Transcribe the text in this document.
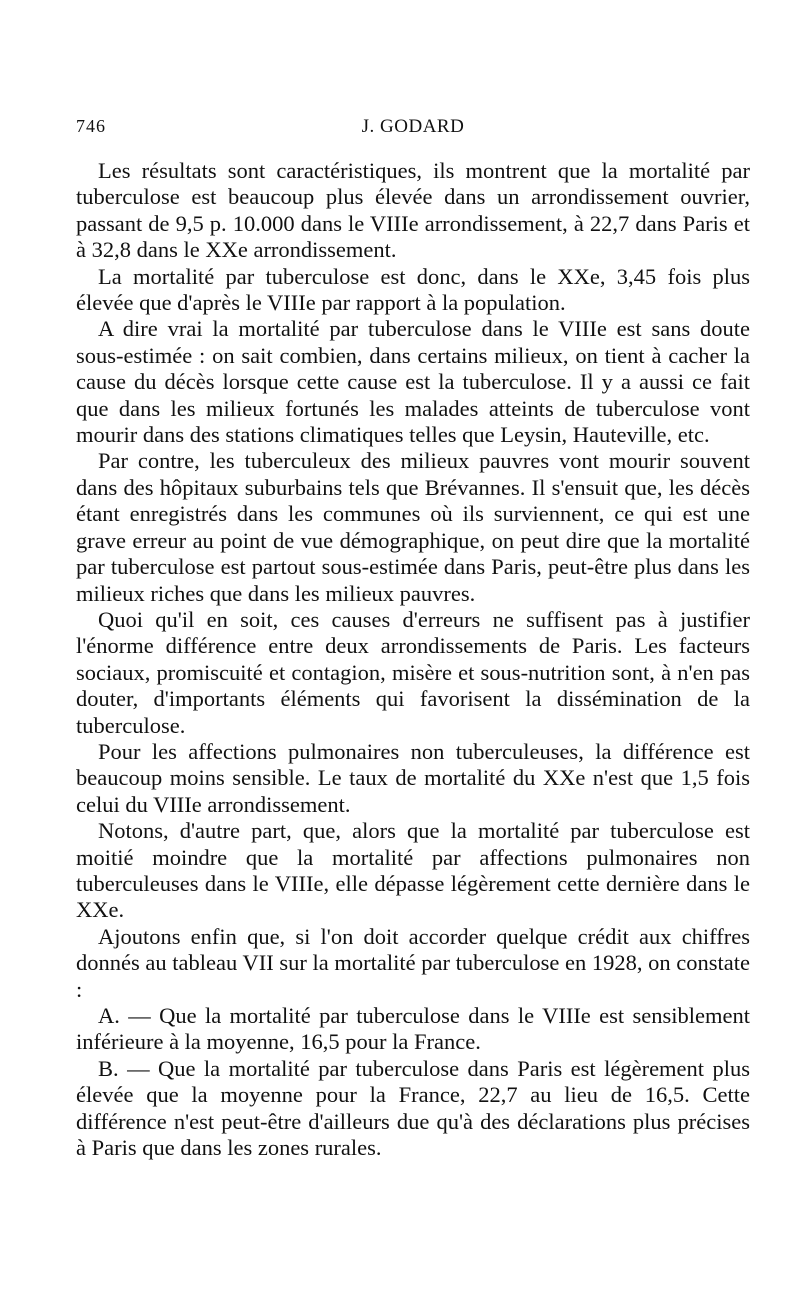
746	J. GODARD

Les résultats sont caractéristiques, ils montrent que la mortalité par tuberculose est beaucoup plus élevée dans un arrondissement ouvrier, passant de 9,5 p. 10.000 dans le VIIIe arrondissement, à 22,7 dans Paris et à 32,8 dans le XXe arrondissement.

La mortalité par tuberculose est donc, dans le XXe, 3,45 fois plus élevée que d'après le VIIIe par rapport à la population.

A dire vrai la mortalité par tuberculose dans le VIIIe est sans doute sous-estimée : on sait combien, dans certains milieux, on tient à cacher la cause du décès lorsque cette cause est la tuberculose. Il y a aussi ce fait que dans les milieux fortunés les malades atteints de tuberculose vont mourir dans des stations climatiques telles que Leysin, Hauteville, etc.

Par contre, les tuberculeux des milieux pauvres vont mourir souvent dans des hôpitaux suburbains tels que Brévannes. Il s'ensuit que, les décès étant enregistrés dans les communes où ils surviennent, ce qui est une grave erreur au point de vue démographique, on peut dire que la mortalité par tuberculose est partout sous-estimée dans Paris, peut-être plus dans les milieux riches que dans les milieux pauvres.

Quoi qu'il en soit, ces causes d'erreurs ne suffisent pas à justifier l'énorme différence entre deux arrondissements de Paris. Les facteurs sociaux, promiscuité et contagion, misère et sous-nutrition sont, à n'en pas douter, d'importants éléments qui favorisent la dissémination de la tuberculose.

Pour les affections pulmonaires non tuberculeuses, la différence est beaucoup moins sensible. Le taux de mortalité du XXe n'est que 1,5 fois celui du VIIIe arrondissement.

Notons, d'autre part, que, alors que la mortalité par tuberculose est moitié moindre que la mortalité par affections pulmonaires non tuberculeuses dans le VIIIe, elle dépasse légèrement cette dernière dans le XXe.

Ajoutons enfin que, si l'on doit accorder quelque crédit aux chiffres donnés au tableau VII sur la mortalité par tuberculose en 1928, on constate :

A. — Que la mortalité par tuberculose dans le VIIIe est sensiblement inférieure à la moyenne, 16,5 pour la France.

B. — Que la mortalité par tuberculose dans Paris est légèrement plus élevée que la moyenne pour la France, 22,7 au lieu de 16,5. Cette différence n'est peut-être d'ailleurs due qu'à des déclarations plus précises à Paris que dans les zones rurales.
